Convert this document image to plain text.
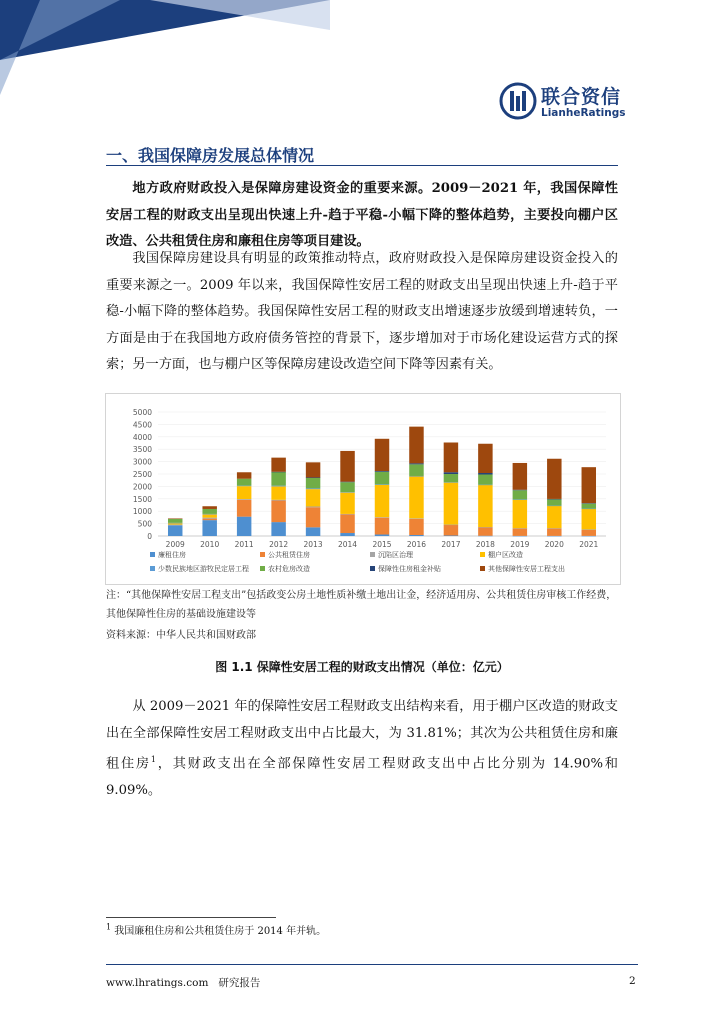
联合资信
LianheRatings
一、我国保障房发展总体情况

地方政府财政投入是保障房建设资金的重要来源。2009－2021 年，我国保障性安居工程的财政支出呈现出快速上升-趋于平稳-小幅下降的整体趋势，主要投向棚户区改造、公共租赁住房和廉租住房等项目建设。

我国保障房建设具有明显的政策推动特点，政府财政投入是保障房建设资金投入的重要来源之一。2009 年以来，我国保障性安居工程的财政支出呈现出快速上升-趋于平稳-小幅下降的整体趋势。我国保障性安居工程的财政支出增速逐步放缓到增速转负，一方面是由于在我国地方政府债务管控的背景下，逐步增加对于市场化建设运营方式的探索；另一方面，也与棚户区等保障房建设改造空间下降等因素有关。

0
500
1000
1500
2000
2500
3000
3500
4000
4500
5000
2009 2010 2011 2012 2013 2014 2015 2016 2017 2018 2019 2020 2021
廉租住房	公共租赁住房	沉陷区治理	棚户区改造
少数民族地区游牧民定居工程	农村危房改造	保障性住房租金补贴	其他保障性安居工程支出

注：“其他保障性安居工程支出”包括政变公房土地性质补缴土地出让金，经济适用房、公共租赁住房审核工作经费，其他保障性住房的基础设施建设等

资料来源：中华人民共和国财政部

图 1.1 保障性安居工程的财政支出情况（单位：亿元）

从 2009－2021 年的保障性安居工程财政支出结构来看，用于棚户区改造的财政支出在全部保障性安居工程财政支出中占比最大，为 31.81%；其次为公共租赁住房和廉租住房$^1$，其财政支出在全部保障性安居工程财政支出中占比分别为 14.90%和 9.09%。

$^1$ 我国廉租住房和公共租赁住房于 2014 年并轨。
www.lhratings.com 研究报告	2
